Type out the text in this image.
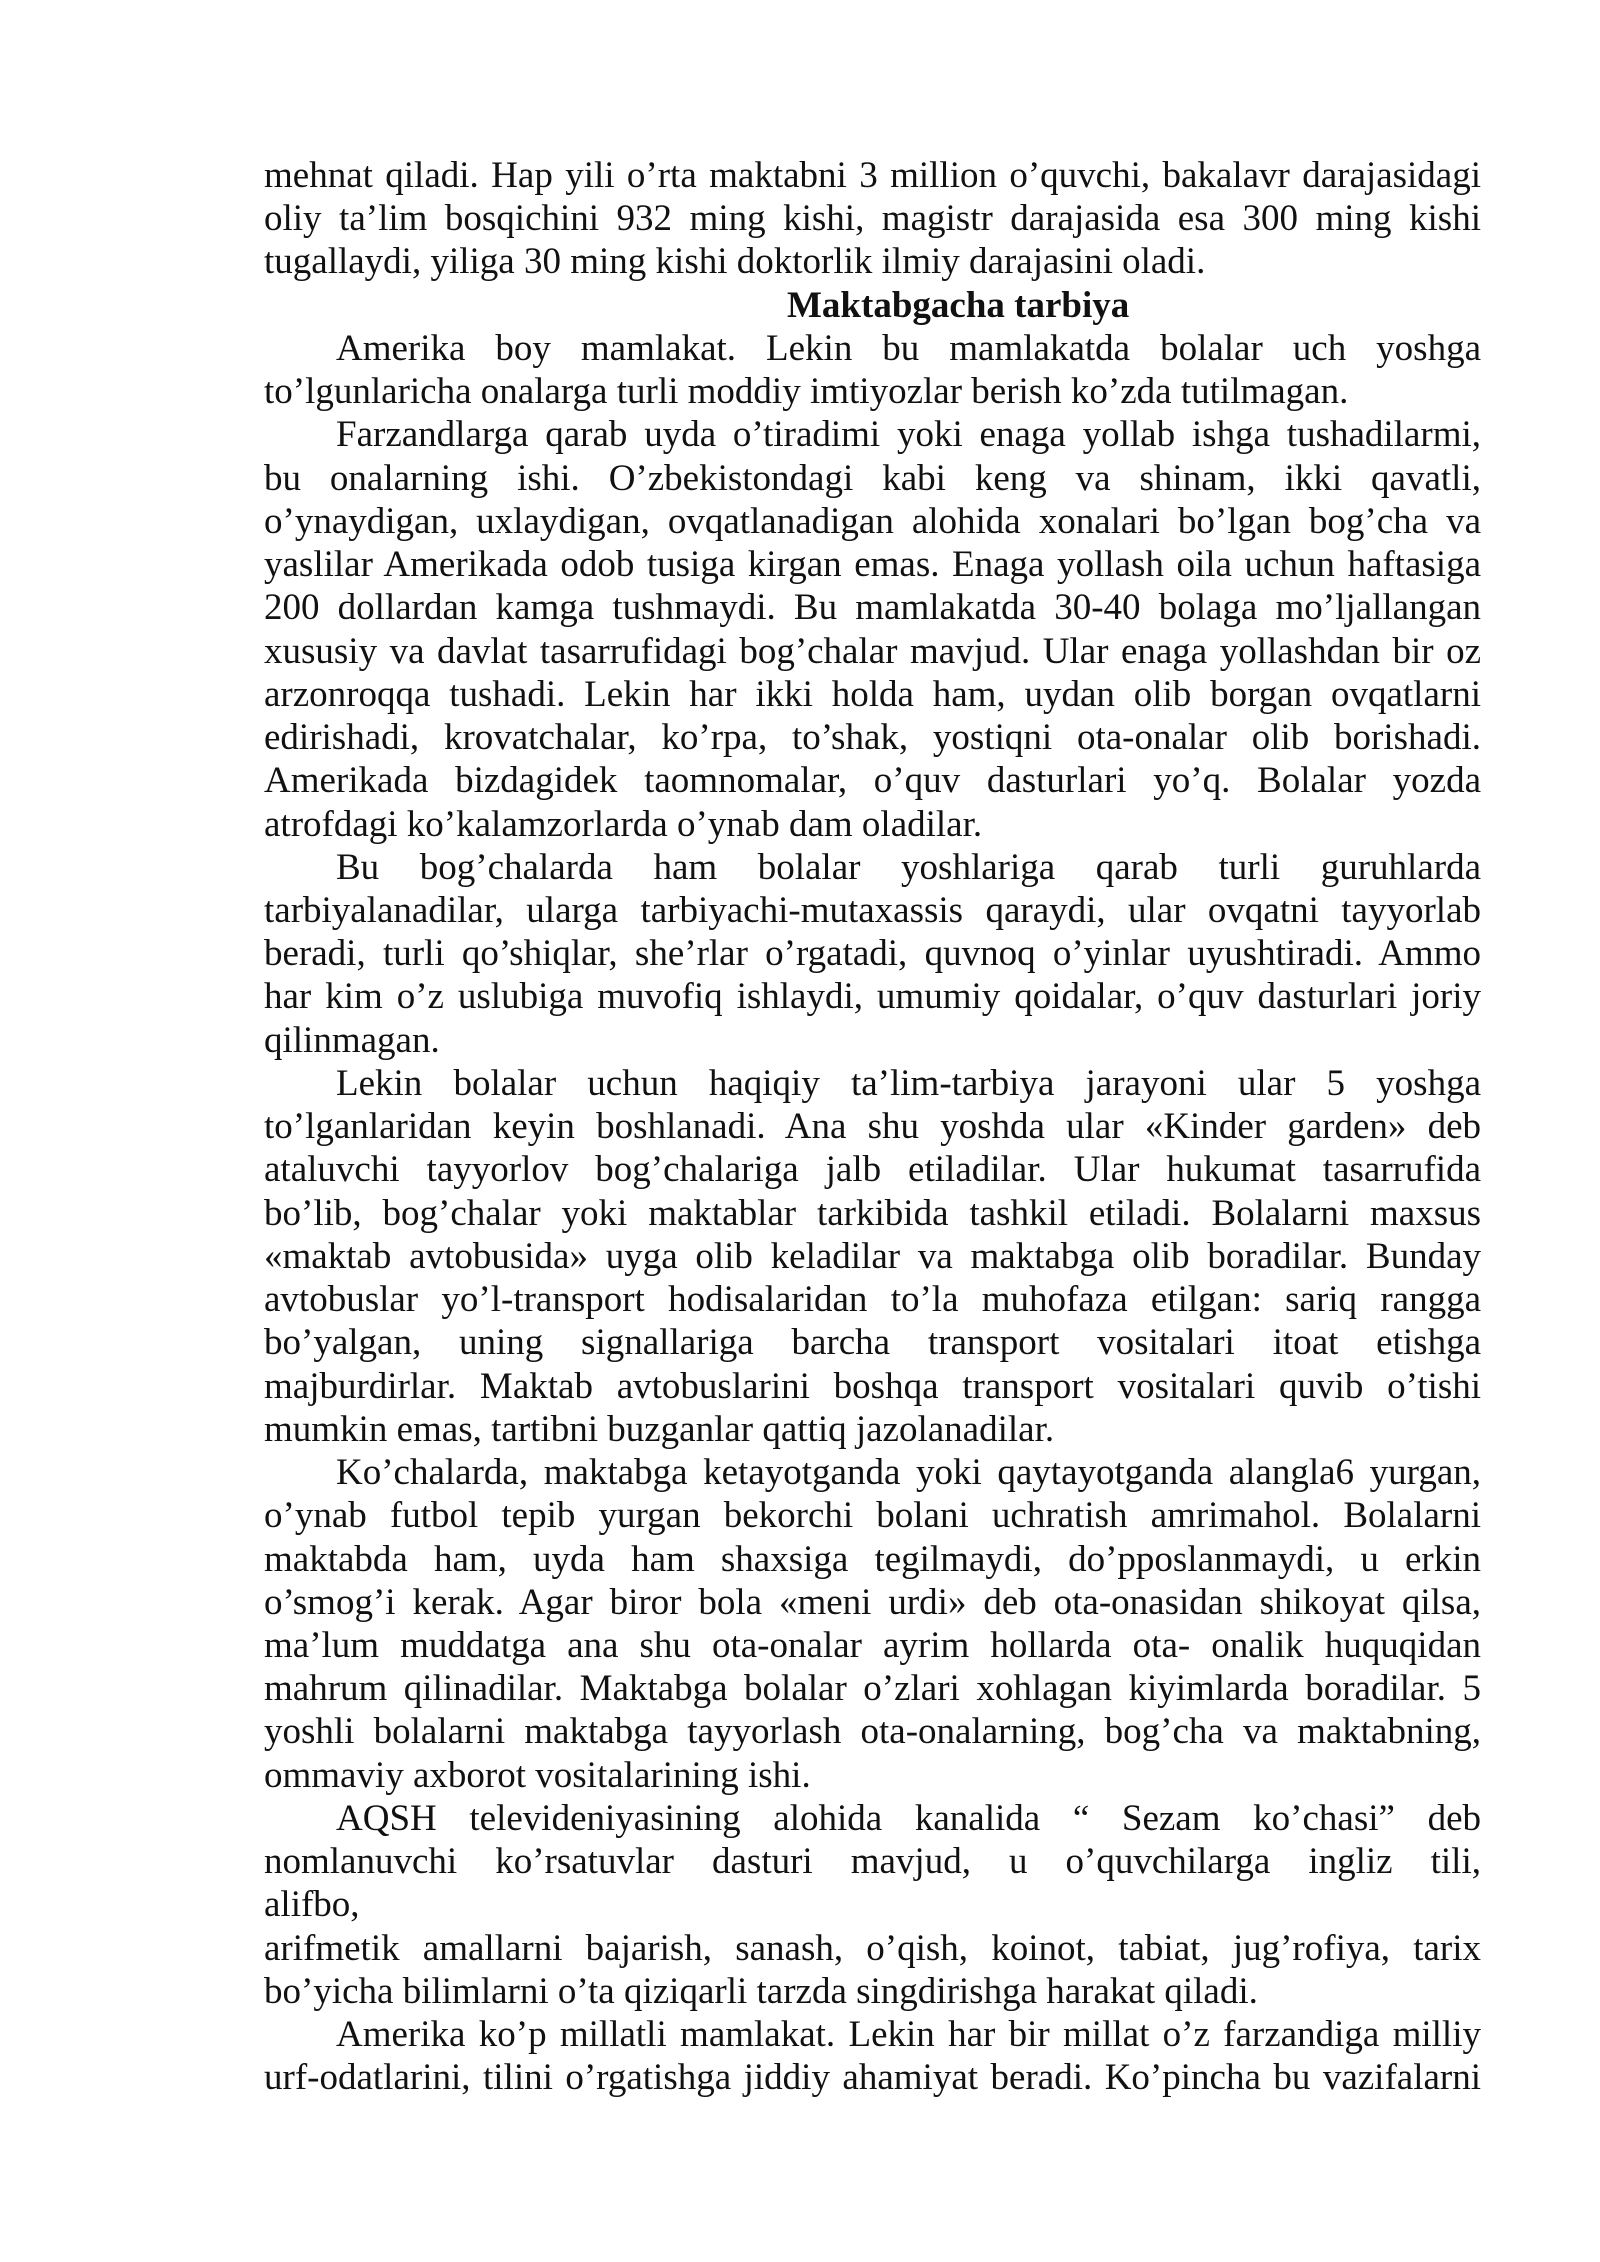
mehnat qiladi. Hap yili o’rta maktabni 3 million o’quvchi, bakalavr darajasidagi
oliy ta’lim bosqichini 932 ming kishi, magistr darajasida esa 300 ming kishi
tugallaydi, yiliga 30 ming kishi doktorlik ilmiy darajasini oladi.
Maktabgacha tarbiya
Amerika boy mamlakat. Lekin bu mamlakatda bolalar uch yoshga
to’lgunlaricha onalarga turli moddiy imtiyozlar berish ko’zda tutilmagan.
Farzandlarga qarab uyda o’tiradimi yoki enaga yollab ishga tushadilarmi,
bu onalarning ishi. O’zbekistondagi kabi keng va shinam, ikki qavatli,
o’ynaydigan, uxlaydigan, ovqatlanadigan alohida xonalari bo’lgan bog’cha va
yaslilar Amerikada odob tusiga kirgan emas. Enaga yollash oila uchun haftasiga
200 dollardan kamga tushmaydi. Bu mamlakatda 30-40 bolaga mo’ljallangan
xususiy va davlat tasarrufidagi bog’chalar mavjud. Ular enaga yollashdan bir oz
arzonroqqa tushadi. Lekin har ikki holda ham, uydan olib borgan ovqatlarni
edirishadi, krovatchalar, ko’rpa, to’shak, yostiqni ota-onalar olib borishadi.
Amerikada bizdagidek taomnomalar, o’quv dasturlari yo’q. Bolalar yozda
atrofdagi ko’kalamzorlarda o’ynab dam oladilar.
Bu bog’chalarda ham bolalar yoshlariga qarab turli guruhlarda
tarbiyalanadilar, ularga tarbiyachi-mutaxassis qaraydi, ular ovqatni tayyorlab
beradi, turli qo’shiqlar, she’rlar o’rgatadi, quvnoq o’yinlar uyushtiradi. Ammo
har kim o’z uslubiga muvofiq ishlaydi, umumiy qoidalar, o’quv dasturlari joriy
qilinmagan.
Lekin bolalar uchun haqiqiy ta’lim-tarbiya jarayoni ular 5 yoshga
to’lganlaridan keyin boshlanadi. Ana shu yoshda ular «Kinder garden» deb
ataluvchi tayyorlov bog’chalariga jalb etiladilar. Ular hukumat tasarrufida
bo’lib, bog’chalar yoki maktablar tarkibida tashkil etiladi. Bolalarni maxsus
«maktab avtobusida» uyga olib keladilar va maktabga olib boradilar. Bunday
avtobuslar yo’l-transport hodisalaridan to’la muhofaza etilgan: sariq rangga
bo’yalgan, uning signallariga barcha transport vositalari itoat etishga
majburdirlar. Maktab avtobuslarini boshqa transport vositalari quvib o’tishi
mumkin emas, tartibni buzganlar qattiq jazolanadilar.
Ko’chalarda, maktabga ketayotganda yoki qaytayotganda alangla6 yurgan,
o’ynab futbol tepib yurgan bekorchi bolani uchratish amrimahol. Bolalarni
maktabda ham, uyda ham shaxsiga tegilmaydi, do’pposlanmaydi, u erkin
o’smog’i kerak. Agar biror bola «meni urdi» deb ota-onasidan shikoyat qilsa,
ma’lum muddatga ana shu ota-onalar ayrim hollarda ota- onalik huquqidan
mahrum qilinadilar. Maktabga bolalar o’zlari xohlagan kiyimlarda boradilar. 5
yoshli bolalarni maktabga tayyorlash ota-onalarning, bog’cha va maktabning,
ommaviy axborot vositalarining ishi.
AQSH televideniyasining alohida kanalida “ Sezam ko’chasi” deb
nomlanuvchi ko’rsatuvlar dasturi mavjud, u o’quvchilarga ingliz tili,
alifbo,
arifmetik amallarni bajarish, sanash, o’qish, koinot, tabiat, jug’rofiya, tarix
bo’yicha bilimlarni o’ta qiziqarli tarzda singdirishga harakat qiladi.
Amerika ko’p millatli mamlakat. Lekin har bir millat o’z farzandiga milliy
urf-odatlarini, tilini o’rgatishga jiddiy ahamiyat beradi. Ko’pincha bu vazifalarni
